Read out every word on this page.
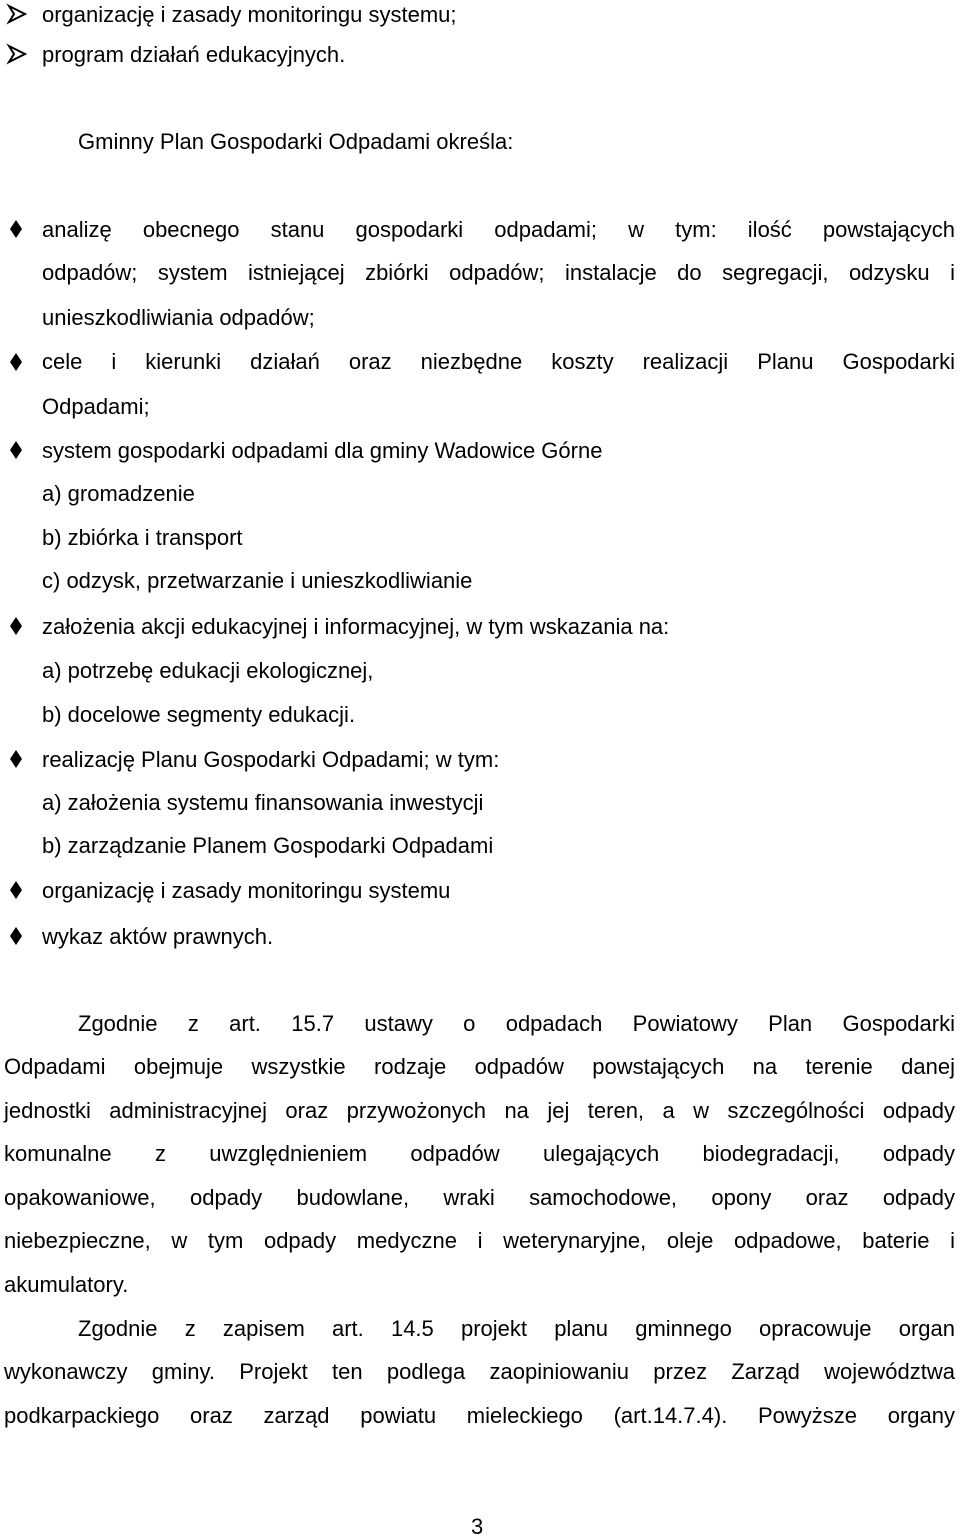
organizację i zasady monitoringu systemu;
program działań edukacyjnych.
Gminny Plan Gospodarki Odpadami określa:
analizę obecnego stanu gospodarki odpadami; w tym: ilość powstających
odpadów; system istniejącej zbiórki odpadów; instalacje do segregacji, odzysku i
unieszkodliwiania odpadów;
cele i kierunki działań oraz niezbędne koszty realizacji Planu Gospodarki
Odpadami;
system gospodarki odpadami dla gminy Wadowice Górne
a) gromadzenie
b) zbiórka i transport
c) odzysk, przetwarzanie i unieszkodliwianie
założenia akcji edukacyjnej i informacyjnej, w tym wskazania na:
a) potrzebę edukacji ekologicznej,
b) docelowe segmenty edukacji.
realizację Planu Gospodarki Odpadami; w tym:
a) założenia systemu finansowania inwestycji
b) zarządzanie Planem Gospodarki Odpadami
organizację i zasady monitoringu systemu
wykaz aktów prawnych.
Zgodnie z art. 15.7 ustawy o odpadach Powiatowy Plan Gospodarki
Odpadami obejmuje wszystkie rodzaje odpadów powstających na terenie danej
jednostki administracyjnej oraz przywożonych na jej teren, a w szczególności odpady
komunalne z uwzględnieniem odpadów ulegających biodegradacji, odpady
opakowaniowe, odpady budowlane, wraki samochodowe, opony oraz odpady
niebezpieczne, w tym odpady medyczne i weterynaryjne, oleje odpadowe, baterie i
akumulatory.
Zgodnie z zapisem art. 14.5 projekt planu gminnego opracowuje organ
wykonawczy gminy. Projekt ten podlega zaopiniowaniu przez Zarząd województwa
podkarpackiego oraz zarząd powiatu mieleckiego (art.14.7.4). Powyższe organy
3
